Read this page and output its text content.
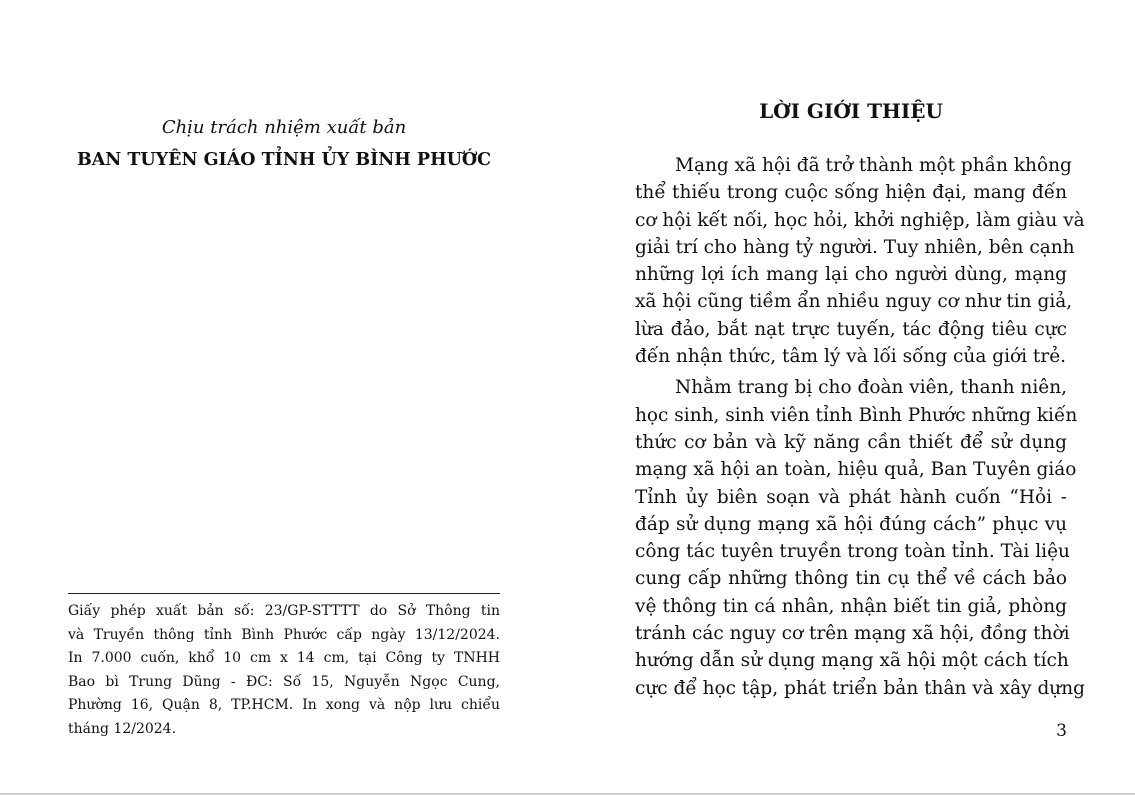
Chịu trách nhiệm xuất bản
BAN TUYÊN GIÁO TỈNH ỦY BÌNH PHƯỚC
Giấy phép xuất bản số: 23/GP-STTTT do Sở Thông tin
và Truyền thông tỉnh Bình Phước cấp ngày 13/12/2024.
In 7.000 cuốn, khổ 10 cm x 14 cm, tại Công ty TNHH
Bao bì Trung Dũng - ĐC: Số 15, Nguyễn Ngọc Cung,
Phường 16, Quận 8, TP.HCM. In xong và nộp lưu chiểu
tháng 12/2024.
LỜI GIỚI THIỆU
Mạng xã hội đã trở thành một phần không
thể thiếu trong cuộc sống hiện đại, mang đến
cơ hội kết nối, học hỏi, khởi nghiệp, làm giàu và
giải trí cho hàng tỷ người. Tuy nhiên, bên cạnh
những lợi ích mang lại cho người dùng, mạng
xã hội cũng tiềm ẩn nhiều nguy cơ như tin giả,
lừa đảo, bắt nạt trực tuyến, tác động tiêu cực
đến nhận thức, tâm lý và lối sống của giới trẻ.
Nhằm trang bị cho đoàn viên, thanh niên,
học sinh, sinh viên tỉnh Bình Phước những kiến
thức cơ bản và kỹ năng cần thiết để sử dụng
mạng xã hội an toàn, hiệu quả, Ban Tuyên giáo
Tỉnh ủy biên soạn và phát hành cuốn “Hỏi -
đáp sử dụng mạng xã hội đúng cách” phục vụ
công tác tuyên truyền trong toàn tỉnh. Tài liệu
cung cấp những thông tin cụ thể về cách bảo
vệ thông tin cá nhân, nhận biết tin giả, phòng
tránh các nguy cơ trên mạng xã hội, đồng thời
hướng dẫn sử dụng mạng xã hội một cách tích
cực để học tập, phát triển bản thân và xây dựng
3
